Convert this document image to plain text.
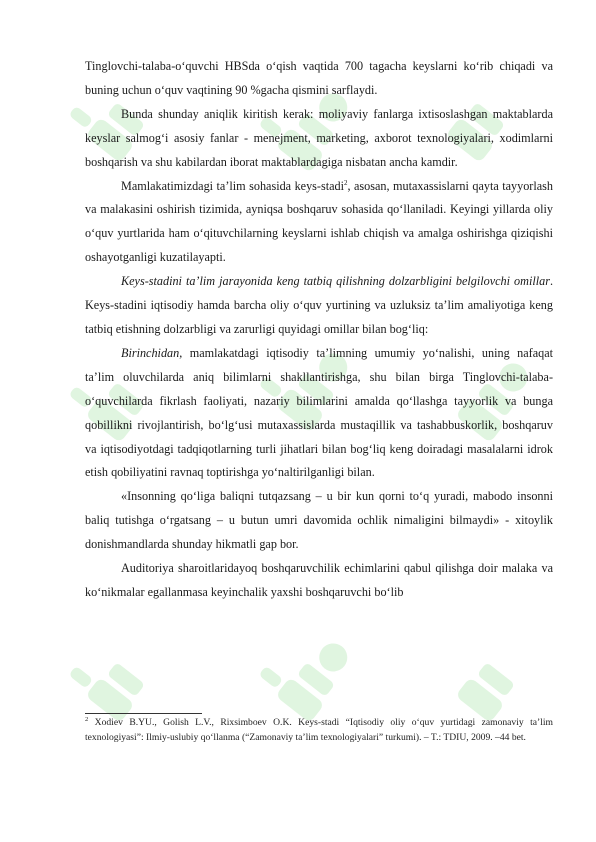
Tinglovchi-talaba-o‘quvchi HBSda o‘qish vaqtida 700 tagacha keyslarni ko‘rib chiqadi va buning uchun o‘quv vaqtining 90 %gacha qismini sarflaydi.

Bunda shunday aniqlik kiritish kerak: moliyaviy fanlarga ixtisoslashgan maktablarda keyslar salmog‘i asosiy fanlar - menejment, marketing, axborot texnologiyalari, xodimlarni boshqarish va shu kabilardan iborat maktablardagiga nisbatan ancha kamdir.

Mamlakatimizdagi ta’lim sohasida keys-stadi$^2$, asosan, mutaxassislarni qayta tayyorlash va malakasini oshirish tizimida, ayniqsa boshqaruv sohasida qo‘llaniladi. Keyingi yillarda oliy o‘quv yurtlarida ham o‘qituvchilarning keyslarni ishlab chiqish va amalga oshirishga qiziqishi oshayotganligi kuzatilayapti.

Keys-stadini ta’lim jarayonida keng tatbiq qilishning dolzarbligini belgilovchi omillar. Keys-stadini iqtisodiy hamda barcha oliy o‘quv yurtining va uzluksiz ta’lim amaliyotiga keng tatbiq etishning dolzarbligi va zarurligi quyidagi omillar bilan bog‘liq:

Birinchidan, mamlakatdagi iqtisodiy ta’limning umumiy yo‘nalishi, uning nafaqat ta’lim oluvchilarda aniq bilimlarni shakllantirishga, shu bilan birga Tinglovchi-talaba-o‘quvchilarda fikrlash faoliyati, nazariy bilimlarini amalda qo‘llashga tayyorlik va bunga qobillikni rivojlantirish, bo‘lg‘usi mutaxassislarda mustaqillik va tashabbuskorlik, boshqaruv va iqtisodiyotdagi tadqiqotlarning turli jihatlari bilan bog‘liq keng doiradagi masalalarni idrok etish qobiliyatini ravnaq toptirishga yo‘naltirilganligi bilan.

«Insonning qo‘liga baliqni tutqazsang – u bir kun qorni to‘q yuradi, mabodo insonni baliq tutishga o‘rgatsang – u butun umri davomida ochlik nimaligini bilmaydi» - xitoylik donishmandlarda shunday hikmatli gap bor.

Auditoriya sharoitlaridayoq boshqaruvchilik echimlarini qabul qilishga doir malaka va ko‘nikmalar egallanmasa keyinchalik yaxshi boshqaruvchi bo‘lib

$^2$ Xodiev B.YU., Golish L.V., Rixsimboev O.K. Keys-stadi “Iqtisodiy oliy o‘quv yurtidagi zamonaviy ta’lim texnologiyasi”: Ilmiy-uslubiy qo‘llanma (“Zamonaviy ta’lim texnologiyalari” turkumi). – T.: TDIU, 2009. –44 bet.
